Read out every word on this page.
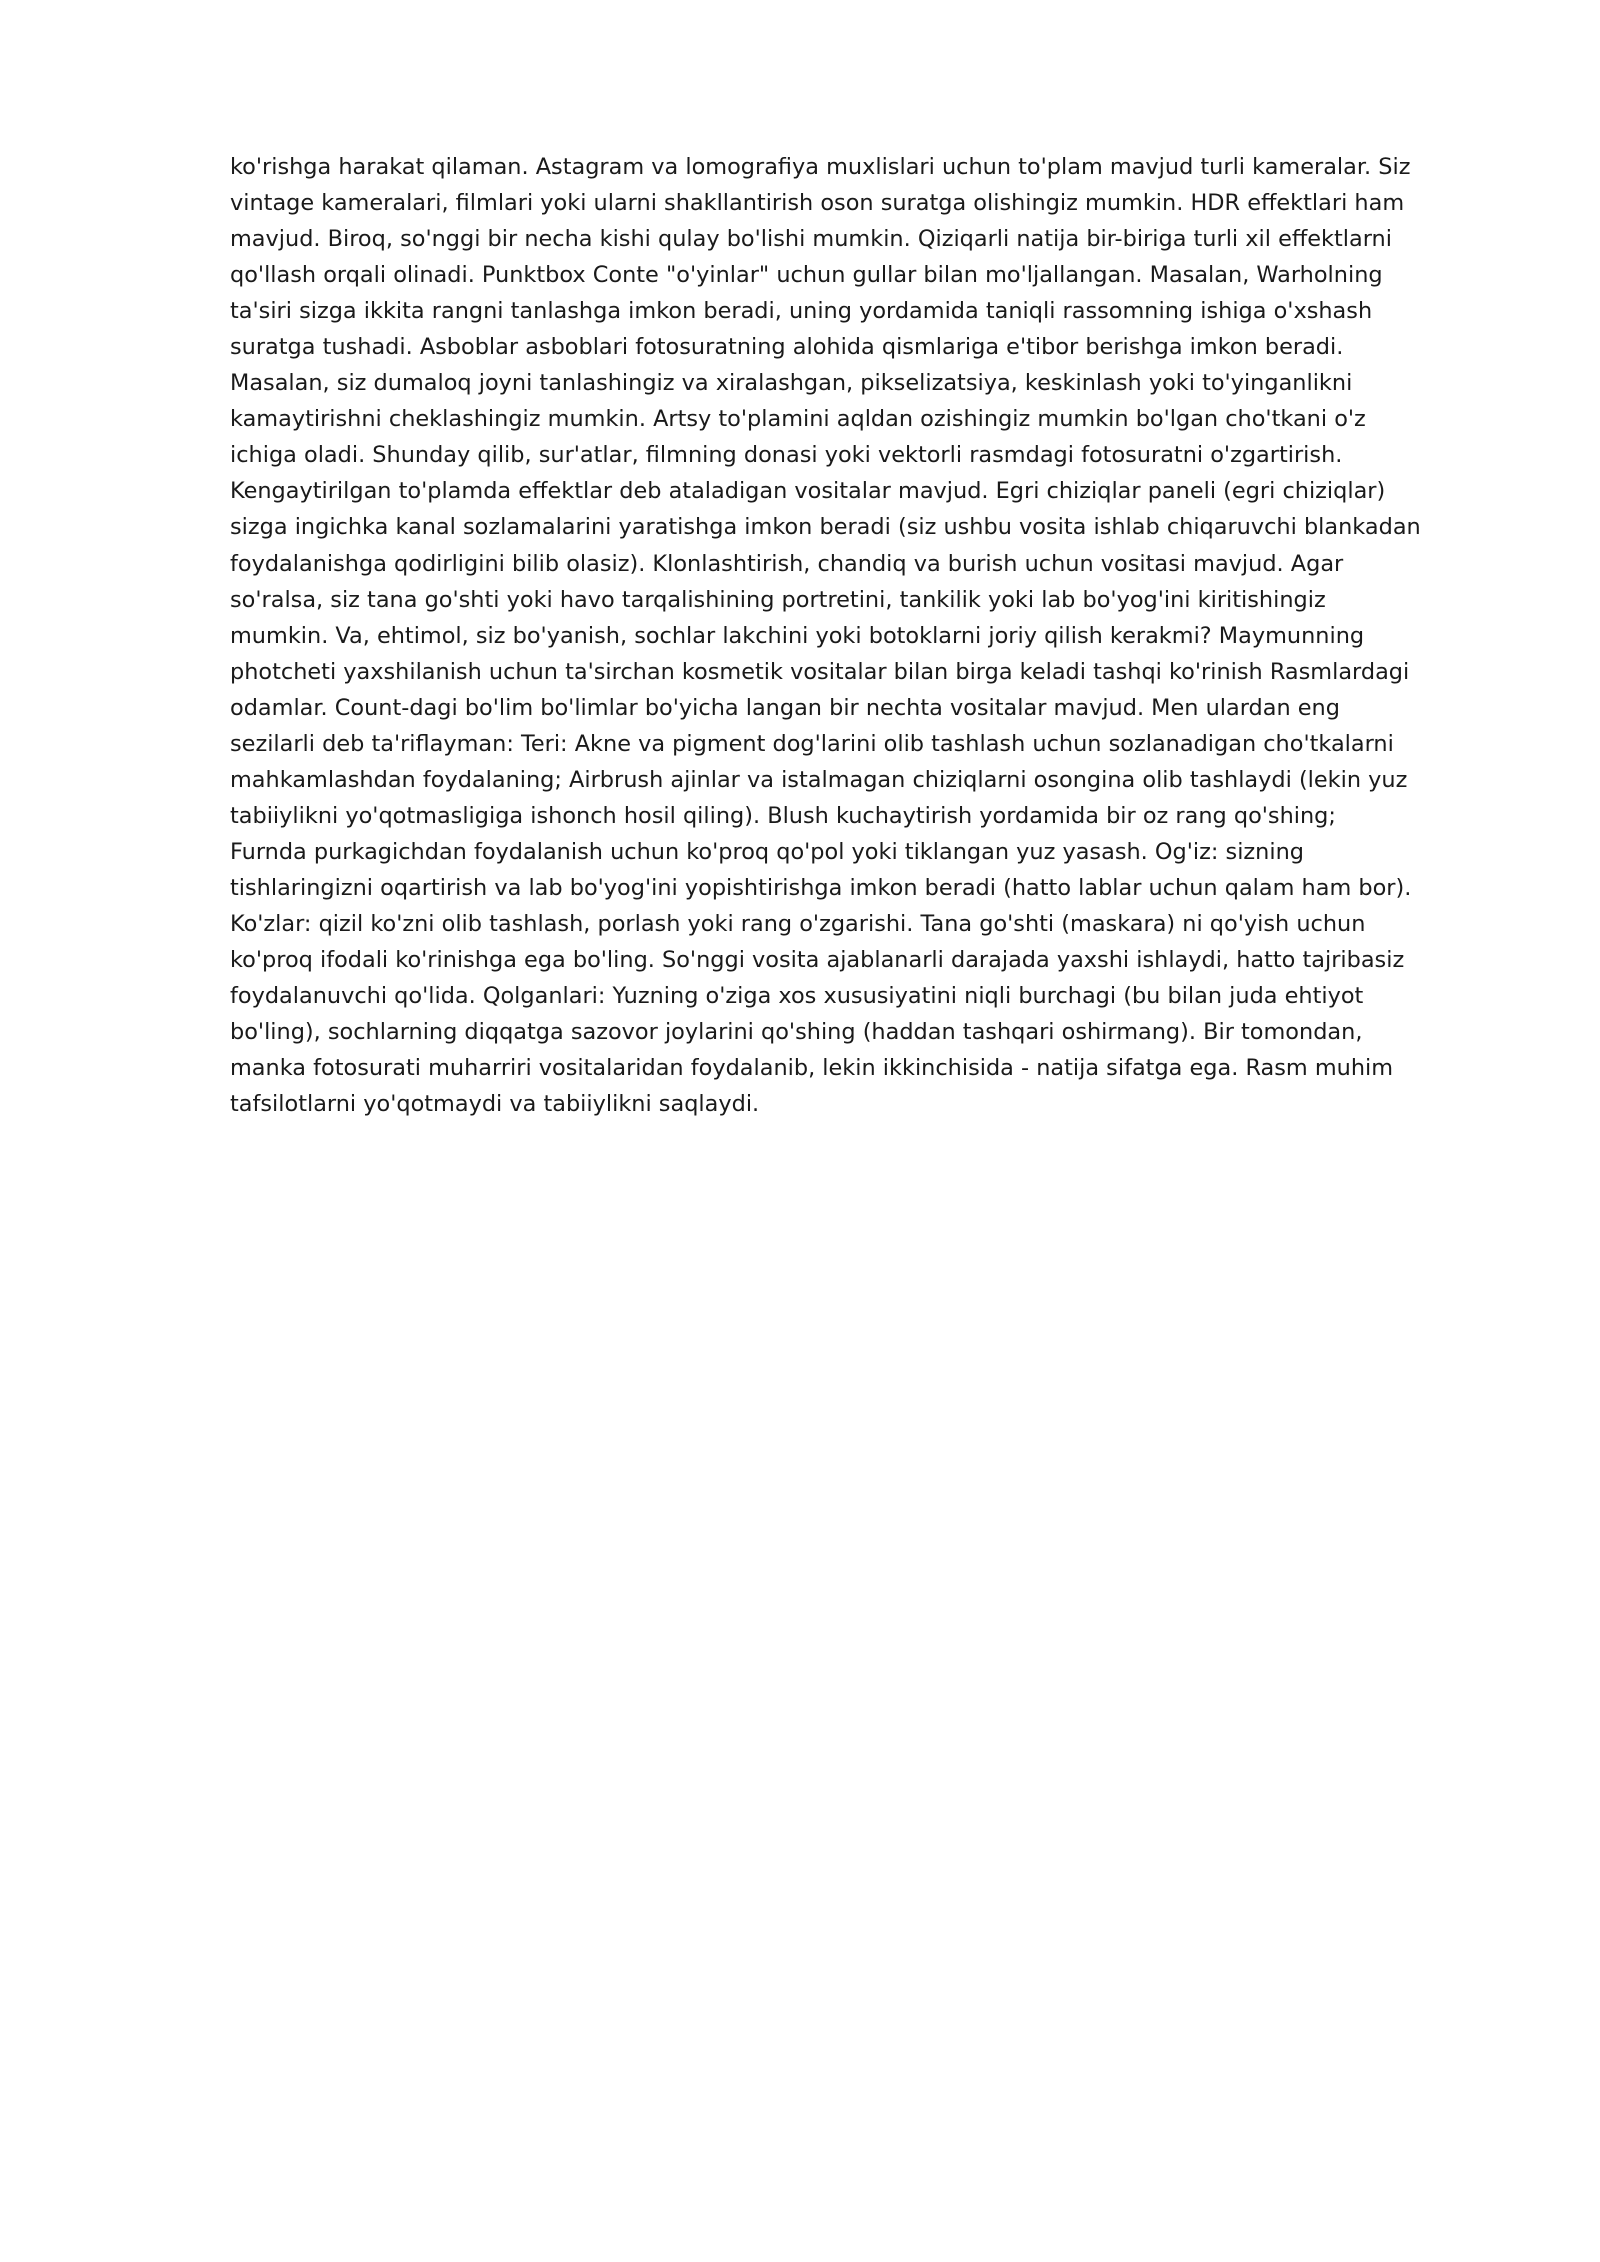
ko'rishga harakat qilaman. Astagram va lomografiya muxlislari uchun to'plam mavjud turli kameralar. Siz
vintage kameralari, filmlari yoki ularni shakllantirish oson suratga olishingiz mumkin. HDR effektlari ham
mavjud. Biroq, so'nggi bir necha kishi qulay bo'lishi mumkin. Qiziqarli natija bir-biriga turli xil effektlarni
qo'llash orqali olinadi. Punktbox Conte "o'yinlar" uchun gullar bilan mo'ljallangan. Masalan, Warholning
ta'siri sizga ikkita rangni tanlashga imkon beradi, uning yordamida taniqli rassomning ishiga o'xshash
suratga tushadi. Asboblar asboblari fotosuratning alohida qismlariga e'tibor berishga imkon beradi.
Masalan, siz dumaloq joyni tanlashingiz va xiralashgan, pikselizatsiya, keskinlash yoki to'yinganlikni
kamaytirishni cheklashingiz mumkin. Artsy to'plamini aqldan ozishingiz mumkin bo'lgan cho'tkani o'z
ichiga oladi. Shunday qilib, sur'atlar, filmning donasi yoki vektorli rasmdagi fotosuratni o'zgartirish.
Kengaytirilgan to'plamda effektlar deb ataladigan vositalar mavjud. Egri chiziqlar paneli (egri chiziqlar)
sizga ingichka kanal sozlamalarini yaratishga imkon beradi (siz ushbu vosita ishlab chiqaruvchi blankadan
foydalanishga qodirligini bilib olasiz). Klonlashtirish, chandiq va burish uchun vositasi mavjud. Agar
so'ralsa, siz tana go'shti yoki havo tarqalishining portretini, tankilik yoki lab bo'yog'ini kiritishingiz
mumkin. Va, ehtimol, siz bo'yanish, sochlar lakchini yoki botoklarni joriy qilish kerakmi? Maymunning
photcheti yaxshilanish uchun ta'sirchan kosmetik vositalar bilan birga keladi tashqi ko'rinish Rasmlardagi
odamlar. Count-dagi bo'lim bo'limlar bo'yicha langan bir nechta vositalar mavjud. Men ulardan eng
sezilarli deb ta'riflayman: Teri: Akne va pigment dog'larini olib tashlash uchun sozlanadigan cho'tkalarni
mahkamlashdan foydalaning; Airbrush ajinlar va istalmagan chiziqlarni osongina olib tashlaydi (lekin yuz
tabiiylikni yo'qotmasligiga ishonch hosil qiling). Blush kuchaytirish yordamida bir oz rang qo'shing;
Furnda purkagichdan foydalanish uchun ko'proq qo'pol yoki tiklangan yuz yasash. Og'iz: sizning
tishlaringizni oqartirish va lab bo'yog'ini yopishtirishga imkon beradi (hatto lablar uchun qalam ham bor).
Ko'zlar: qizil ko'zni olib tashlash, porlash yoki rang o'zgarishi. Tana go'shti (maskara) ni qo'yish uchun
ko'proq ifodali ko'rinishga ega bo'ling. So'nggi vosita ajablanarli darajada yaxshi ishlaydi, hatto tajribasiz
foydalanuvchi qo'lida. Qolganlari: Yuzning o'ziga xos xususiyatini niqli burchagi (bu bilan juda ehtiyot
bo'ling), sochlarning diqqatga sazovor joylarini qo'shing (haddan tashqari oshirmang). Bir tomondan,
manka fotosurati muharriri vositalaridan foydalanib, lekin ikkinchisida - natija sifatga ega. Rasm muhim
tafsilotlarni yo'qotmaydi va tabiiylikni saqlaydi.
